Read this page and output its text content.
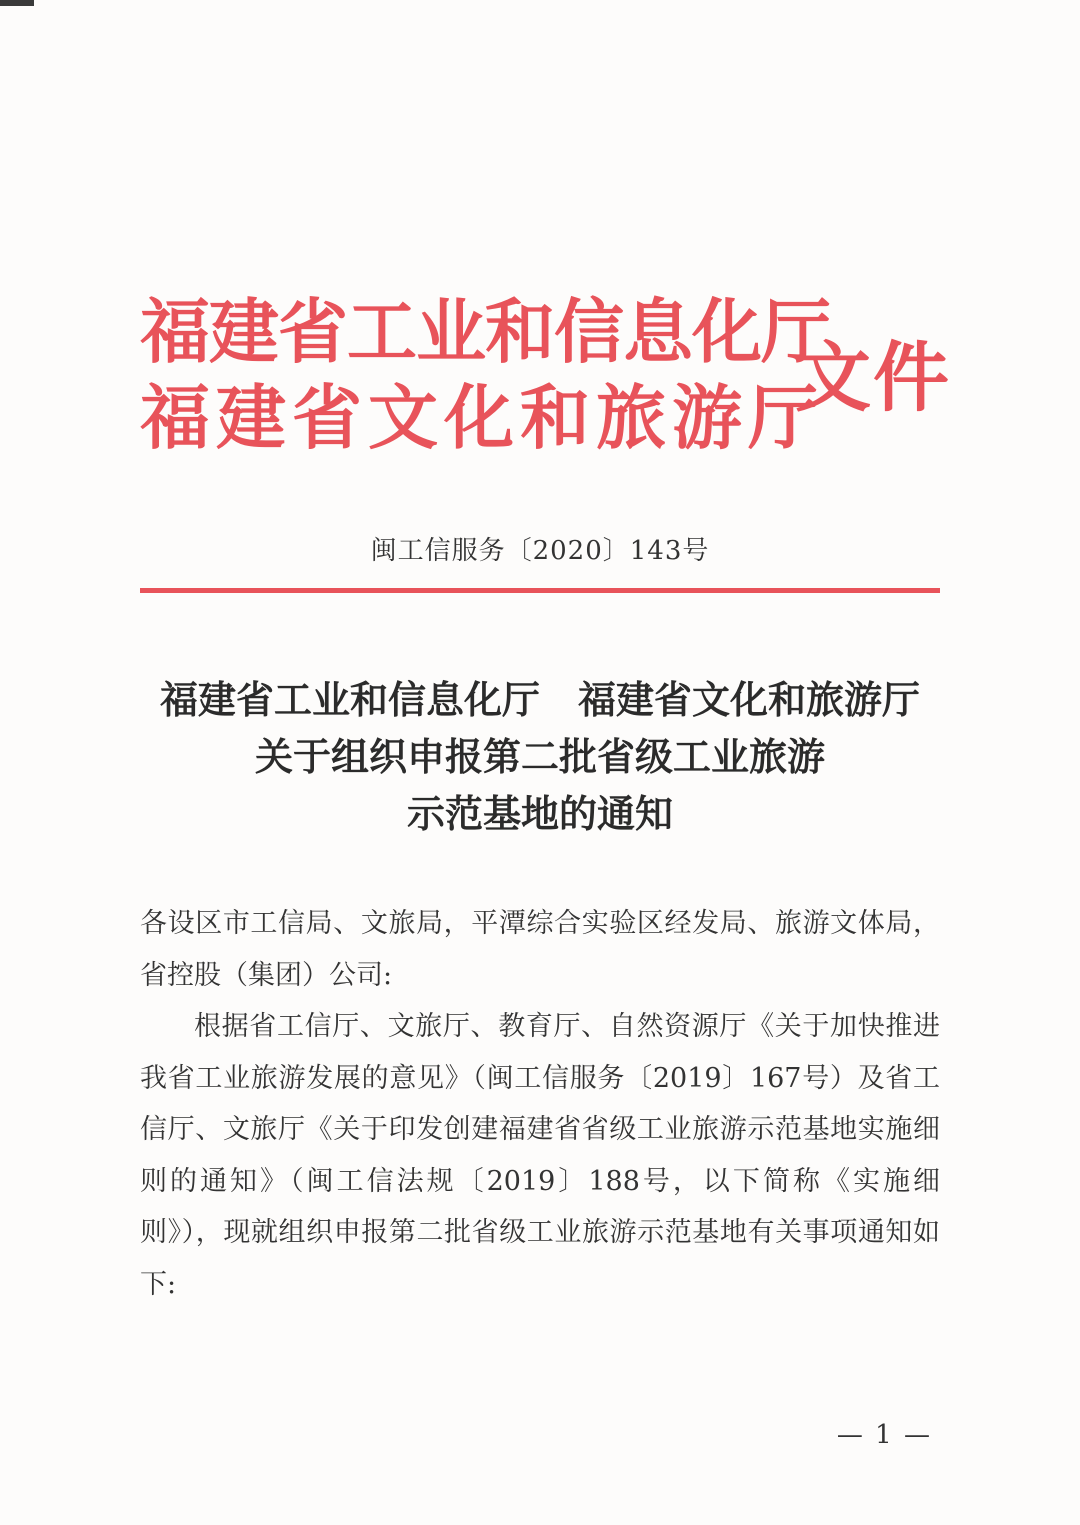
福建省工业和信息化厅
福建省文化和旅游厅
文件
闽工信服务〔2020〕143号
福建省工业和信息化厅　福建省文化和旅游厅
关于组织申报第二批省级工业旅游
示范基地的通知

各设区市工信局、文旅局，平潭综合实验区经发局、旅游文体局，省控股（集团）公司:

根据省工信厅、文旅厅、教育厅、自然资源厅《关于加快推进我省工业旅游发展的意见》（闽工信服务〔2019〕167号）及省工信厅、文旅厅《关于印发创建福建省省级工业旅游示范基地实施细则的通知》（闽工信法规〔2019〕188号，以下简称《实施细则》），现就组织申报第二批省级工业旅游示范基地有关事项通知如下:

— 1 —
